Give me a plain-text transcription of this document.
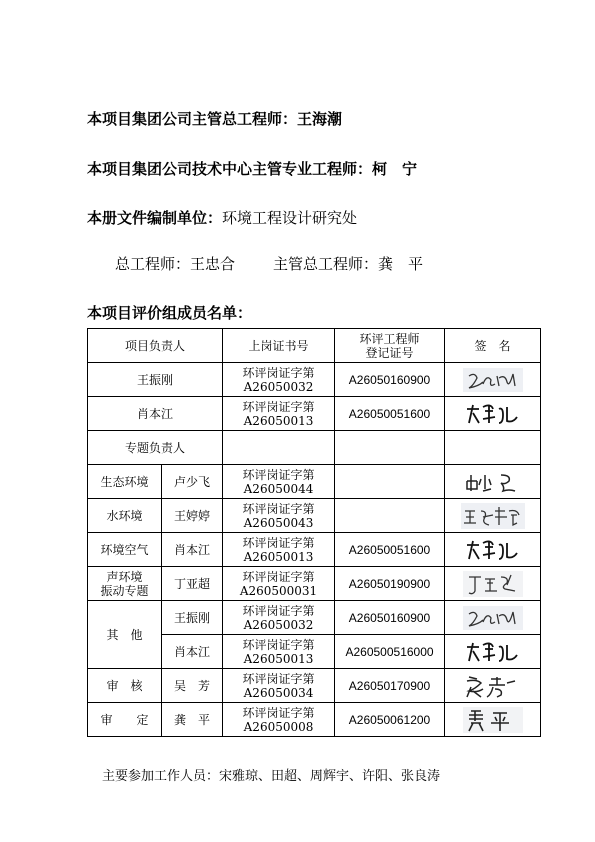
本项目集团公司主管总工程师：王海潮
本项目集团公司技术中心主管专业工程师：柯　宁
本册文件编制单位：环境工程设计研究处
总工程师：王忠合	主管总工程师：龚　平
本项目评价组成员名单：
项目负责人		上岗证书号	环评工程师
登记证号	签　名
王振刚		环评岗证字第
A26050032	A26050160900	

肖本江		环评岗证字第
A26050013	A26050051600	

专题负责人				
生态环境	卢少飞	环评岗证字第
A26050044		

水环境	王婷婷	环评岗证字第
A26050043		

环境空气	肖本江	环评岗证字第
A26050013	A26050051600	

声环境
振动专题	丁亚超	环评岗证字第
A260500031	A26050190900	

其　他	王振刚	环评岗证字第
A26050032	A26050160900	

	肖本江	环评岗证字第
A26050013	A260500516000	

审　核	吴　芳	环评岗证字第
A26050034	A26050170900	

审　　定	龚　平	环评岗证字第
A26050008	A26050061200	
主要参加工作人员：宋雅琼、田超、周辉宇、许阳、张良涛
